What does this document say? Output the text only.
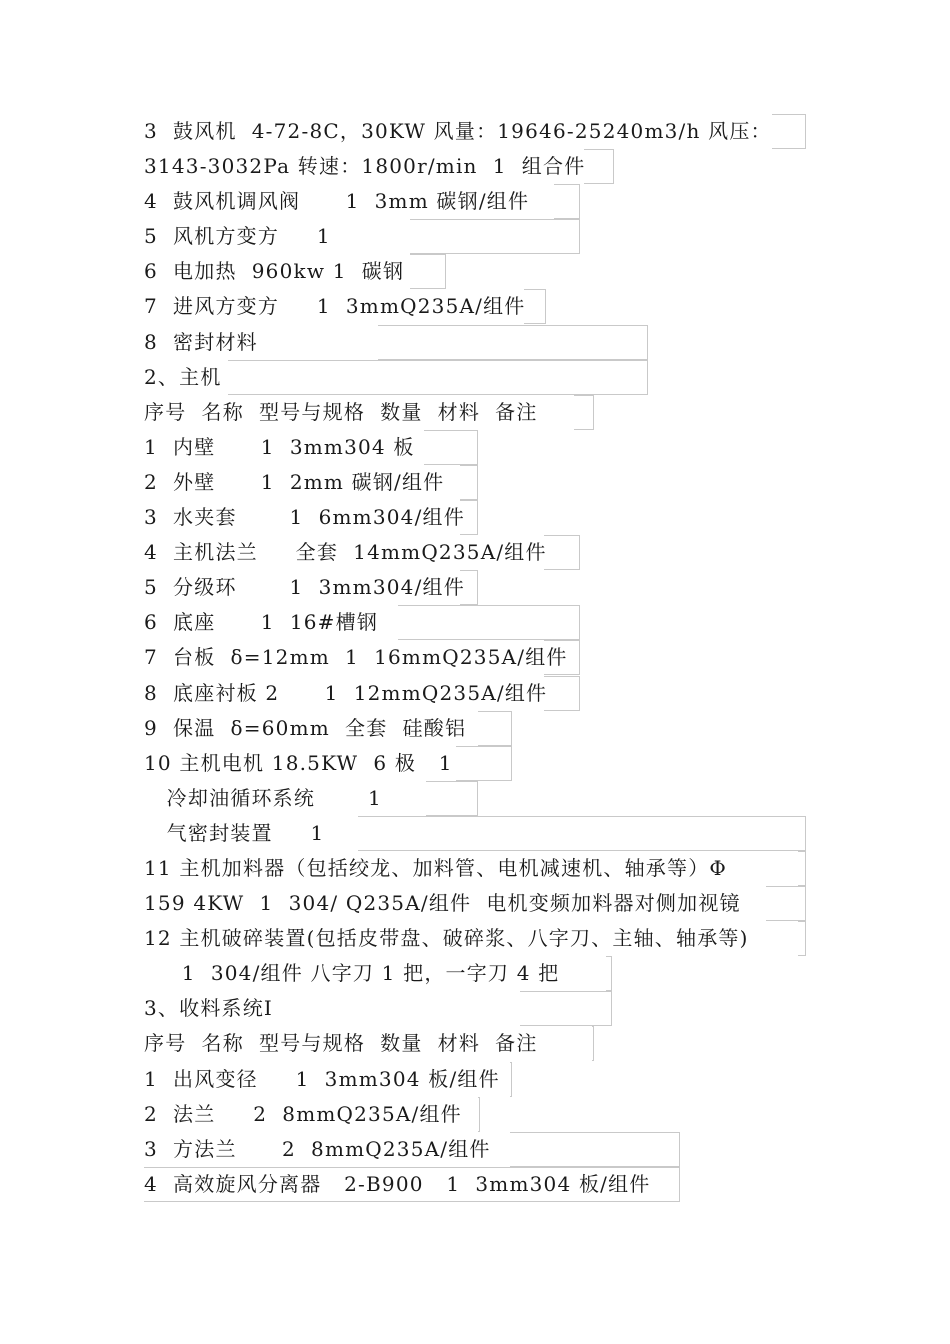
3  鼓风机  4-72-8C，30KW 风量：19646-25240m3/h 风压：
3143-3032Pa 转速：1800r/min  1  组合件
4  鼓风机调风阀      1  3mm 碳钢/组件
5  风机方变方     1
6  电加热  960kw 1  碳钢
7  进风方变方     1  3mmQ235A/组件
8  密封材料
2、主机
序号  名称  型号与规格  数量  材料  备注
1  内壁      1  3mm304 板
2  外壁      1  2mm 碳钢/组件
3  水夹套       1  6mm304/组件
4  主机法兰     全套  14mmQ235A/组件
5  分级环       1  3mm304/组件
6  底座      1  16#槽钢
7  台板  δ=12mm  1  16mmQ235A/组件
8  底座衬板 2      1  12mmQ235A/组件
9  保温  δ=60mm  全套  硅酸铝
10 主机电机 18.5KW  6 极   1
冷却油循环系统       1
气密封装置     1
11 主机加料器（包括绞龙、加料管、电机减速机、轴承等）Φ
159 4KW  1  304/ Q235A/组件  电机变频加料器对侧加视镜
12 主机破碎装置(包括皮带盘、破碎浆、八字刀、主轴、轴承等)
1  304/组件 八字刀 1 把，一字刀 4 把
3、收料系统Ⅰ
序号  名称  型号与规格  数量  材料  备注
1  出风变径     1  3mm304 板/组件
2  法兰     2  8mmQ235A/组件
3  方法兰      2  8mmQ235A/组件
4  高效旋风分离器   2-B900   1  3mm304 板/组件
